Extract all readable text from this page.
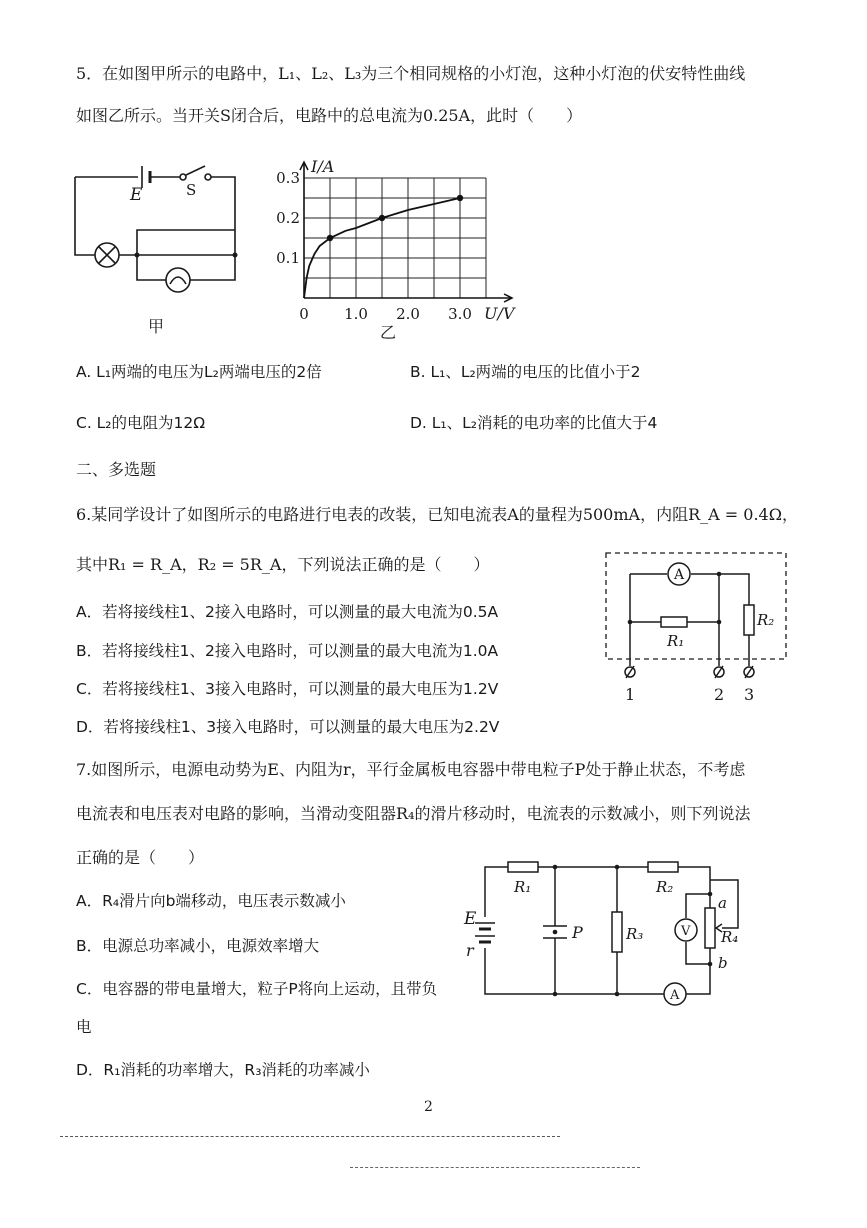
5．在如图甲所示的电路中，L₁、L₂、L₃为三个相同规格的小灯泡，这种小灯泡的伏安特性曲线
如图乙所示。当开关S闭合后，电路中的总电流为0.25A，此时（　　）
E	S
甲
I/A
U/V
0 1.0 2.0 3.0
0.1
0.2
0.3
乙
A. L₁两端的电压为L₂两端电压的2倍	B. L₁、L₂两端的电压的比值小于2
C. L₂的电阻为12Ω	D. L₁、L₂消耗的电功率的比值大于4
二、多选题
6.某同学设计了如图所示的电路进行电表的改装，已知电流表A的量程为500mA，内阻R_A = 0.4Ω，
其中R₁ = R_A，R₂ = 5R_A，下列说法正确的是（　　）
A
R₁
R₂
1	2 3
A．若将接线柱1、2接入电路时，可以测量的最大电流为0.5A
B．若将接线柱1、2接入电路时，可以测量的最大电流为1.0A
C．若将接线柱1、3接入电路时，可以测量的最大电压为1.2V
D．若将接线柱1、3接入电路时，可以测量的最大电压为2.2V
7.如图所示，电源电动势为E、内阻为r，平行金属板电容器中带电粒子P处于静止状态，不考虑
电流表和电压表对电路的影响，当滑动变阻器R₄的滑片移动时，电流表的示数减小，则下列说法
正确的是（　　）
E
r
R₁	R₂
R₃	R₄
P
a
b
V
A
A．R₄滑片向b端移动，电压表示数减小
B．电源总功率减小，电源效率增大
C．电容器的带电量增大，粒子P将向上运动，且带负
电
D．R₁消耗的功率增大，R₃消耗的功率减小
2
